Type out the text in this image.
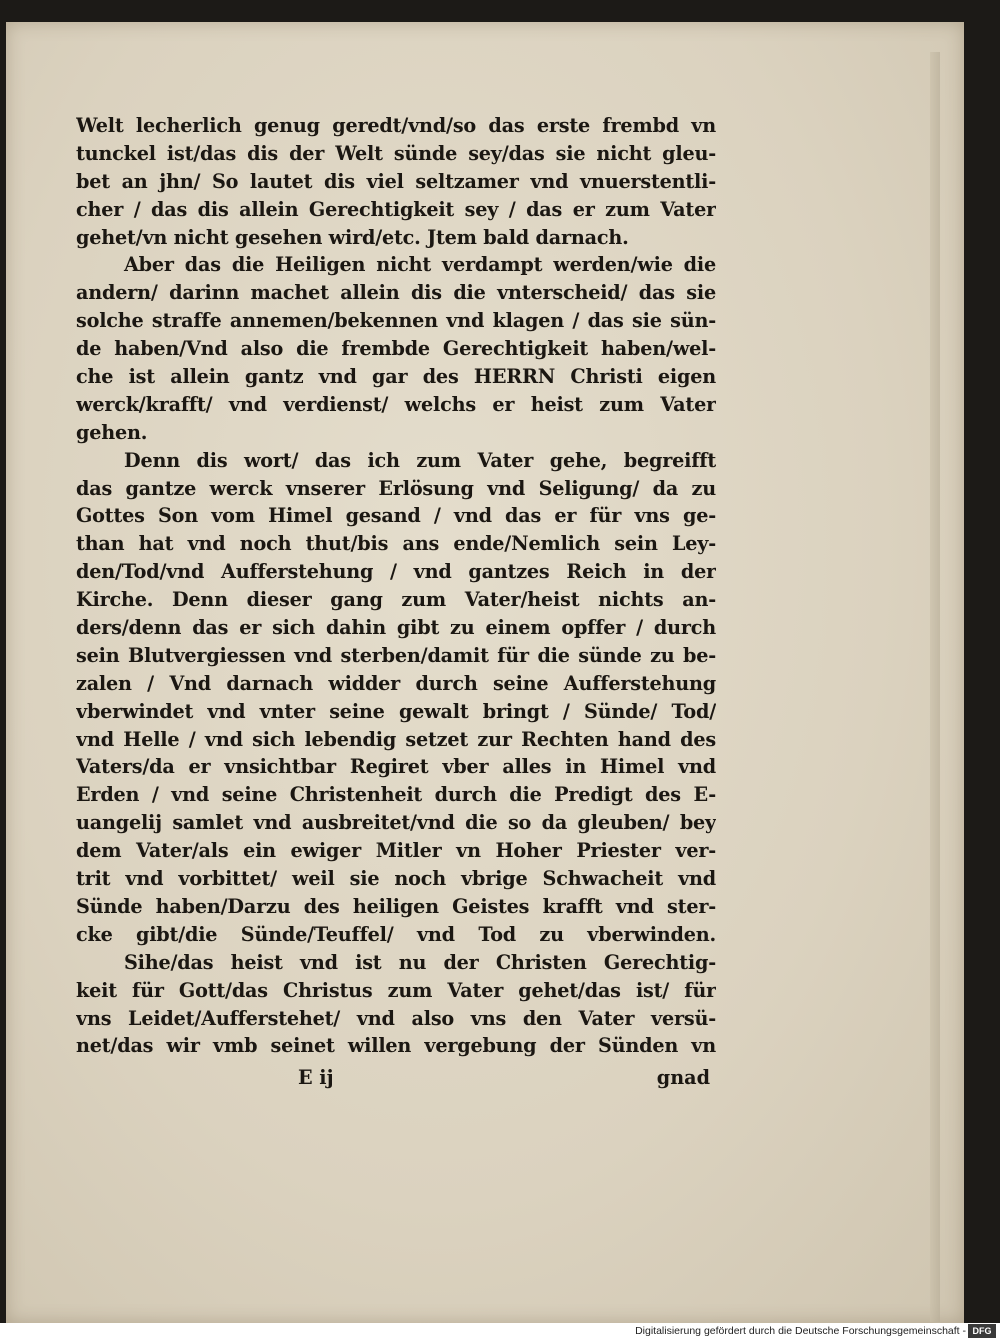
Welt lecherlich genug geredt/vnd/so das erste frembd vn
tunckel ist/das dis der Welt sünde sey/das sie nicht gleu-
bet an jhn/ So lautet dis viel seltzamer vnd vnuerstentli-
cher / das dis allein Gerechtigkeit sey / das er zum Vater
gehet/vn nicht gesehen wird/etc. Jtem bald darnach.
Aber das die Heiligen nicht verdampt werden/wie die
andern/ darinn machet allein dis die vnterscheid/ das sie
solche straffe annemen/bekennen vnd klagen / das sie sün-
de haben/Vnd also die frembde Gerechtigkeit haben/wel-
che ist allein gantz vnd gar des HERRN Christi eigen
werck/krafft/ vnd verdienst/ welchs er heist zum Vater
gehen.
Denn dis wort/ das ich zum Vater gehe, begreifft
das gantze werck vnserer Erlösung vnd Seligung/ da zu
Gottes Son vom Himel gesand / vnd das er für vns ge-
than hat vnd noch thut/bis ans ende/Nemlich sein Ley-
den/Tod/vnd Aufferstehung / vnd gantzes Reich in der
Kirche. Denn dieser gang zum Vater/heist nichts an-
ders/denn das er sich dahin gibt zu einem opffer / durch
sein Blutvergiessen vnd sterben/damit für die sünde zu be-
zalen / Vnd darnach widder durch seine Aufferstehung
vberwindet vnd vnter seine gewalt bringt / Sünde/ Tod/
vnd Helle / vnd sich lebendig setzet zur Rechten hand des
Vaters/da er vnsichtbar Regiret vber alles in Himel vnd
Erden / vnd seine Christenheit durch die Predigt des E-
uangelij samlet vnd ausbreitet/vnd die so da gleuben/ bey
dem Vater/als ein ewiger Mitler vn Hoher Priester ver-
trit vnd vorbittet/ weil sie noch vbrige Schwacheit vnd
Sünde haben/Darzu des heiligen Geistes krafft vnd ster-
cke gibt/die Sünde/Teuffel/ vnd Tod zu vberwinden.
Sihe/das heist vnd ist nu der Christen Gerechtig-
keit für Gott/das Christus zum Vater gehet/das ist/ für
vns Leidet/Aufferstehet/ vnd also vns den Vater versü-
net/das wir vmb seinet willen vergebung der Sünden vn
E ij	gnad
Digitalisierung gefördert durch die Deutsche Forschungsgemeinschaft - DFG
